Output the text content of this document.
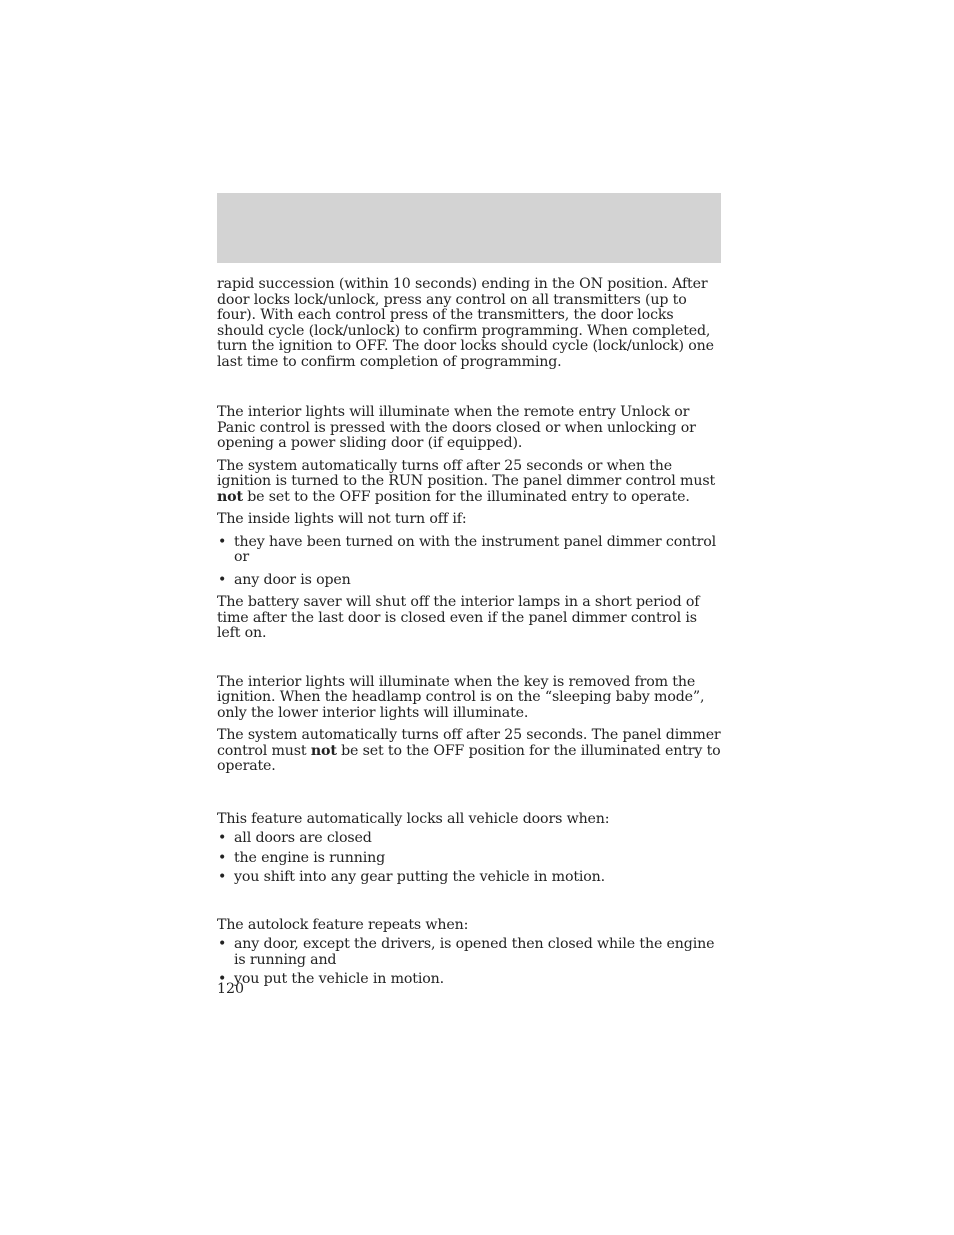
rapid succession (within 10 seconds) ending in the ON position. After door locks lock/unlock, press any control on all transmitters (up to four). With each control press of the transmitters, the door locks should cycle (lock/unlock) to confirm programming. When completed, turn the ignition to OFF. The door locks should cycle (lock/unlock) one last time to confirm completion of programming.

The interior lights will illuminate when the remote entry Unlock or Panic control is pressed with the doors closed or when unlocking or opening a power sliding door (if equipped).

The system automatically turns off after 25 seconds or when the ignition is turned to the RUN position. The panel dimmer control must not be set to the OFF position for the illuminated entry to operate.

The inside lights will not turn off if:

• they have been turned on with the instrument panel dimmer control or

• any door is open

The battery saver will shut off the interior lamps in a short period of time after the last door is closed even if the panel dimmer control is left on.

The interior lights will illuminate when the key is removed from the ignition. When the headlamp control is on the “sleeping baby mode”, only the lower interior lights will illuminate.

The system automatically turns off after 25 seconds. The panel dimmer control must not be set to the OFF position for the illuminated entry to operate.

This feature automatically locks all vehicle doors when:

• all doors are closed

• the engine is running

• you shift into any gear putting the vehicle in motion.

The autolock feature repeats when:

• any door, except the drivers, is opened then closed while the engine is running and

• you put the vehicle in motion.

120
